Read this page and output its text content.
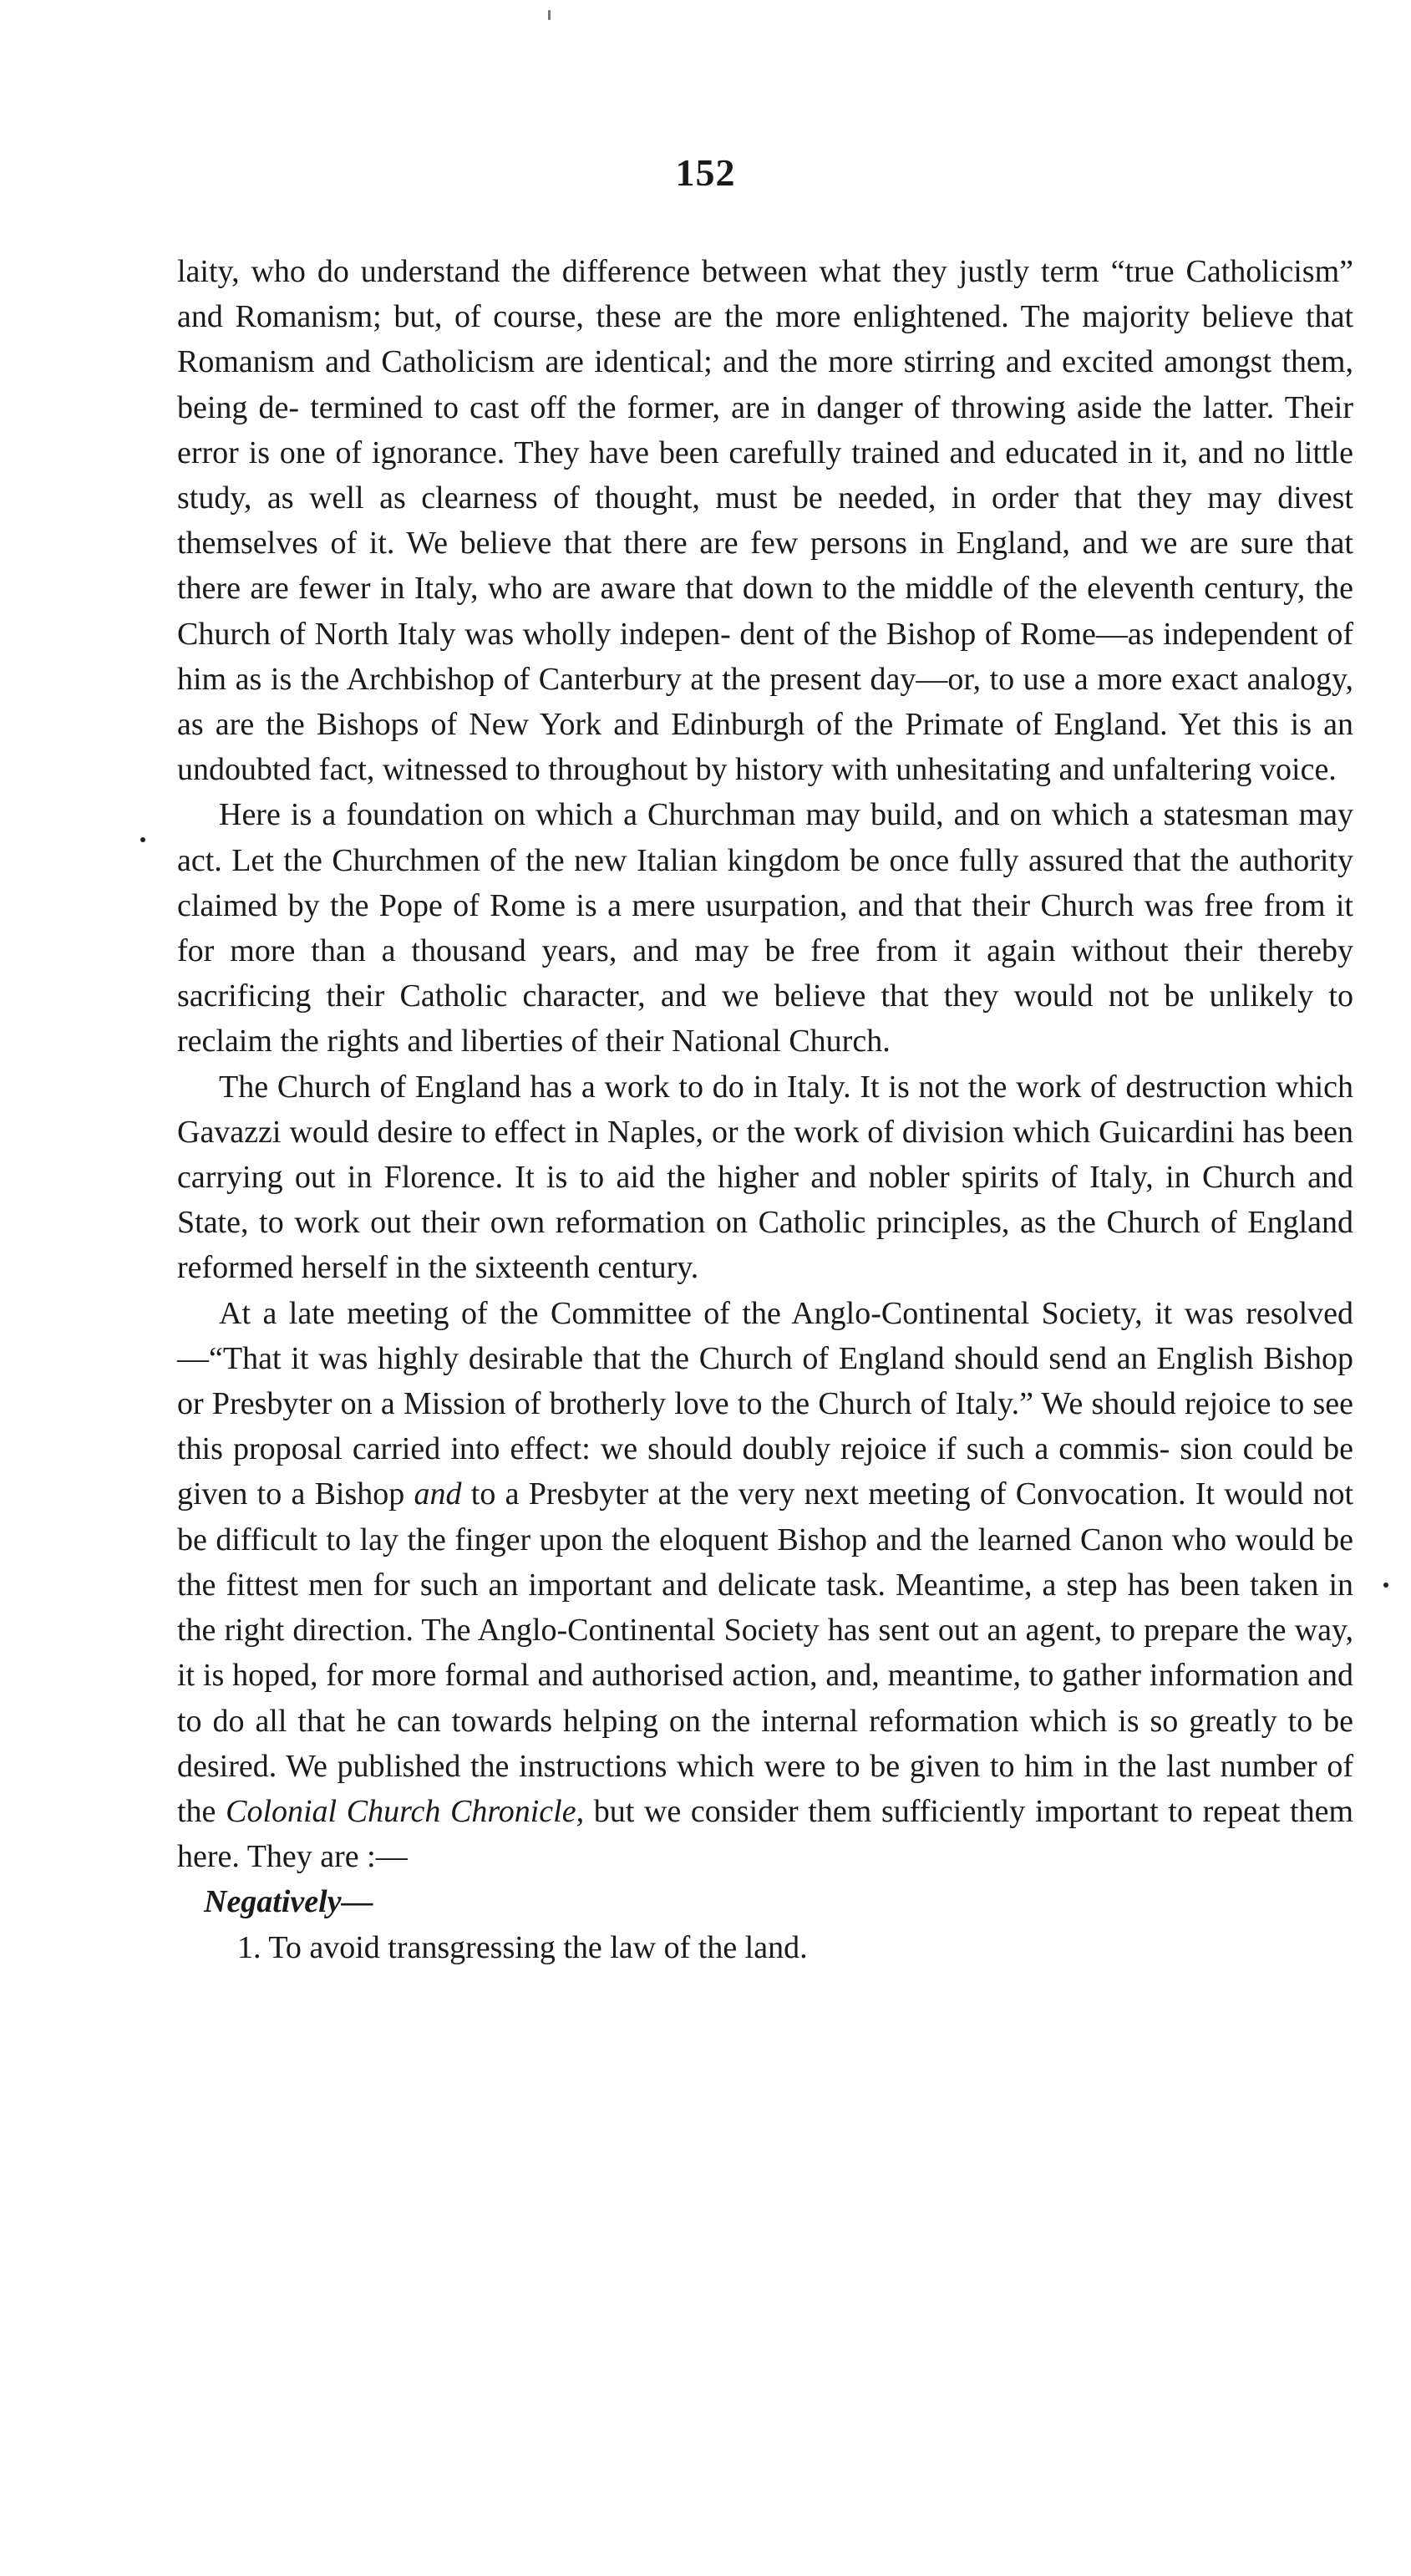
152

laity, who do understand the difference between what they justly term “true Catholicism” and Romanism; but, of course, these are the more enlightened. The majority believe that Romanism and Catholicism are identical; and the more stirring and excited amongst them, being de- termined to cast off the former, are in danger of throwing aside the latter. Their error is one of ignorance. They have been carefully trained and educated in it, and no little study, as well as clearness of thought, must be needed, in order that they may divest themselves of it. We believe that there are few persons in England, and we are sure that there are fewer in Italy, who are aware that down to the middle of the eleventh century, the Church of North Italy was wholly indepen- dent of the Bishop of Rome—as independent of him as is the Archbishop of Canterbury at the present day—or, to use a more exact analogy, as are the Bishops of New York and Edinburgh of the Primate of England. Yet this is an undoubted fact, witnessed to throughout by history with unhesitating and unfaltering voice.

Here is a foundation on which a Churchman may build, and on which a statesman may act. Let the Churchmen of the new Italian kingdom be once fully assured that the authority claimed by the Pope of Rome is a mere usurpation, and that their Church was free from it for more than a thousand years, and may be free from it again without their thereby sacrificing their Catholic character, and we believe that they would not be unlikely to reclaim the rights and liberties of their National Church.

The Church of England has a work to do in Italy. It is not the work of destruction which Gavazzi would desire to effect in Naples, or the work of division which Guicardini has been carrying out in Florence. It is to aid the higher and nobler spirits of Italy, in Church and State, to work out their own reformation on Catholic principles, as the Church of England reformed herself in the sixteenth century.

At a late meeting of the Committee of the Anglo-Continental Society, it was resolved—“That it was highly desirable that the Church of England should send an English Bishop or Presbyter on a Mission of brotherly love to the Church of Italy.” We should rejoice to see this proposal carried into effect: we should doubly rejoice if such a commis- sion could be given to a Bishop and to a Presbyter at the very next meeting of Convocation. It would not be difficult to lay the finger upon the eloquent Bishop and the learned Canon who would be the fittest men for such an important and delicate task. Meantime, a step has been taken in the right direction. The Anglo-Continental Society has sent out an agent, to prepare the way, it is hoped, for more formal and authorised action, and, meantime, to gather information and to do all that he can towards helping on the internal reformation which is so greatly to be desired. We published the instructions which were to be given to him in the last number of the Colonial Church Chronicle, but we consider them sufficiently important to repeat them here. They are :—

Negatively—

1. To avoid transgressing the law of the land.
